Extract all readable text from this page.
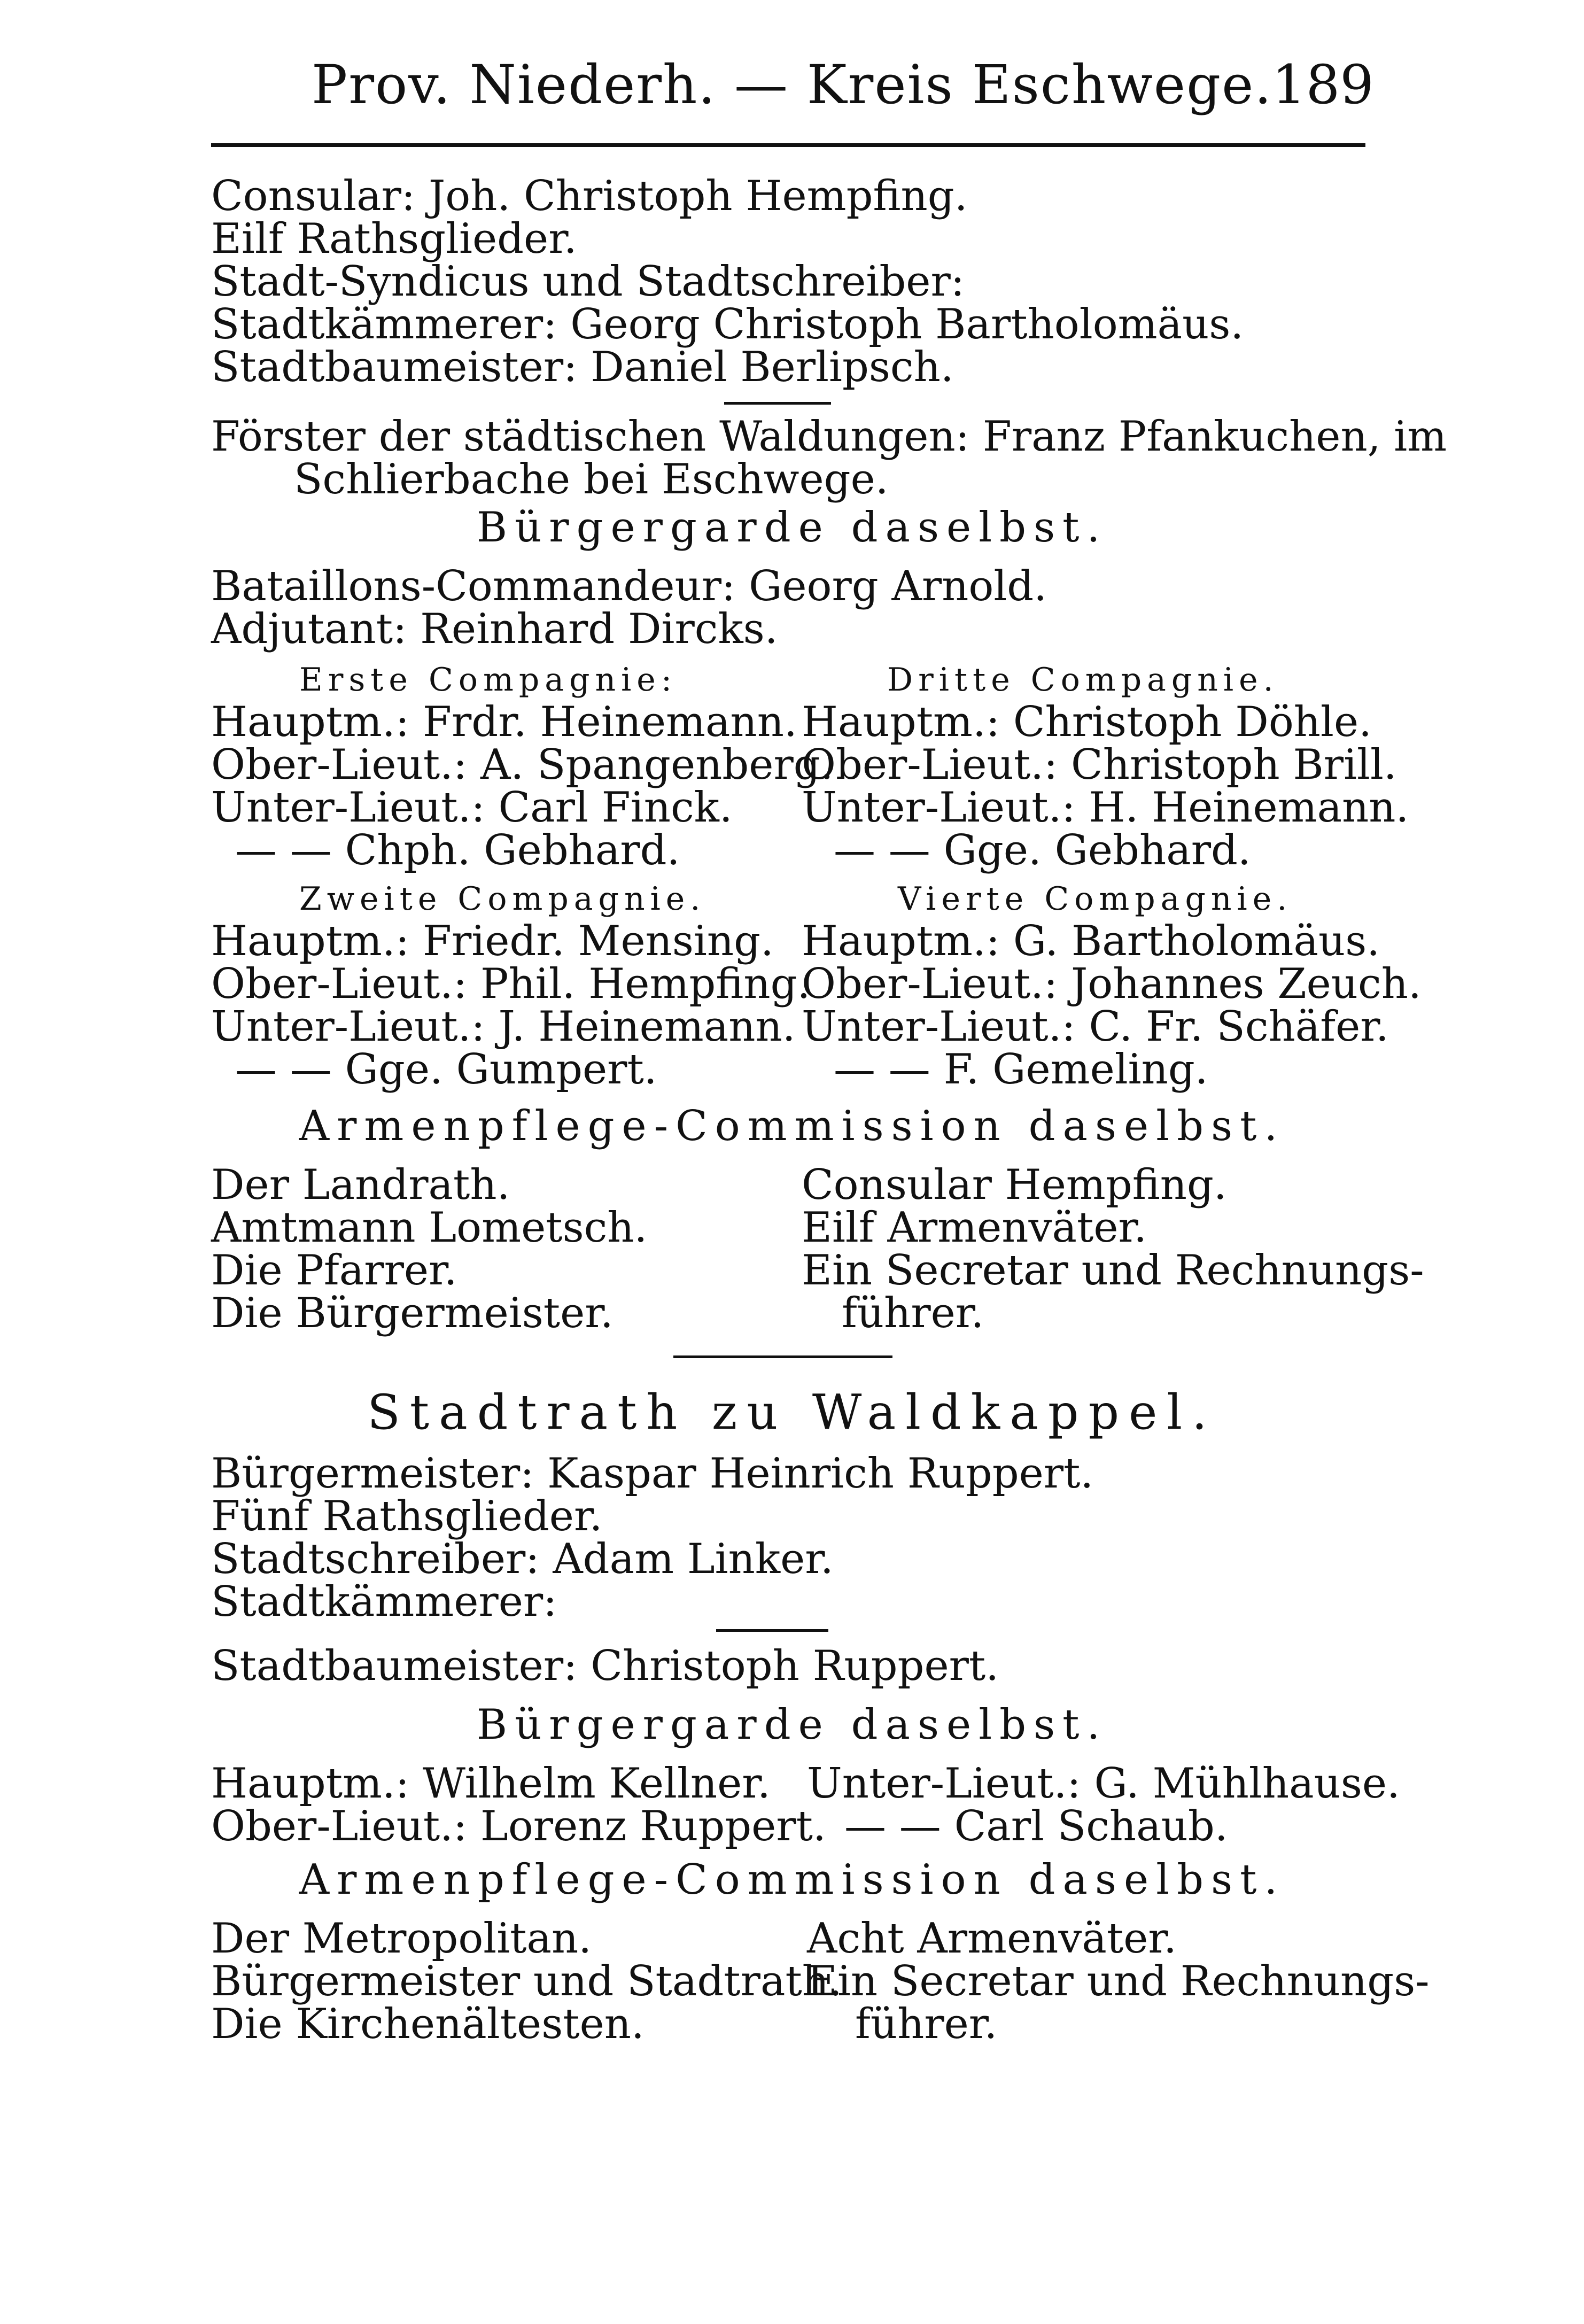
Prov. Niederh. — Kreis Eschwege.
189
Consular: Joh. Christoph Hempfing.
Eilf Rathsglieder.
Stadt-Syndicus und Stadtschreiber:
Stadtkämmerer: Georg Christoph Bartholomäus.
Stadtbaumeister: Daniel Berlipsch.
Förster der städtischen Waldungen: Franz Pfankuchen, im
Schlierbache bei Eschwege.
Bürgergarde daselbst.
Bataillons-Commandeur: Georg Arnold.
Adjutant: Reinhard Dircks.
Erste Compagnie:
Hauptm.: Frdr. Heinemann.
Ober-Lieut.: A. Spangenberg.
Unter-Lieut.: Carl Finck.
— — Chph. Gebhard.
Dritte Compagnie.
Hauptm.: Christoph Döhle.
Ober-Lieut.: Christoph Brill.
Unter-Lieut.: H. Heinemann.
— — Gge. Gebhard.
Zweite Compagnie.
Hauptm.: Friedr. Mensing.
Ober-Lieut.: Phil. Hempfing.
Unter-Lieut.: J. Heinemann.
— — Gge. Gumpert.
Vierte Compagnie.
Hauptm.: G. Bartholomäus.
Ober-Lieut.: Johannes Zeuch.
Unter-Lieut.: C. Fr. Schäfer.
— — F. Gemeling.
Armenpflege-Commission daselbst.
Der Landrath.
Amtmann Lometsch.
Die Pfarrer.
Die Bürgermeister.
Consular Hempfing.
Eilf Armenväter.
Ein Secretar und Rechnungs-
führer.
Stadtrath zu Waldkappel.
Bürgermeister: Kaspar Heinrich Ruppert.
Fünf Rathsglieder.
Stadtschreiber: Adam Linker.
Stadtkämmerer:
Stadtbaumeister: Christoph Ruppert.
Bürgergarde daselbst.
Hauptm.: Wilhelm Kellner.
Ober-Lieut.: Lorenz Ruppert.
Unter-Lieut.: G. Mühlhause.
— — Carl Schaub.
Armenpflege-Commission daselbst.
Der Metropolitan.
Bürgermeister und Stadtrath.
Die Kirchenältesten.
Acht Armenväter.
Ein Secretar und Rechnungs-
führer.
